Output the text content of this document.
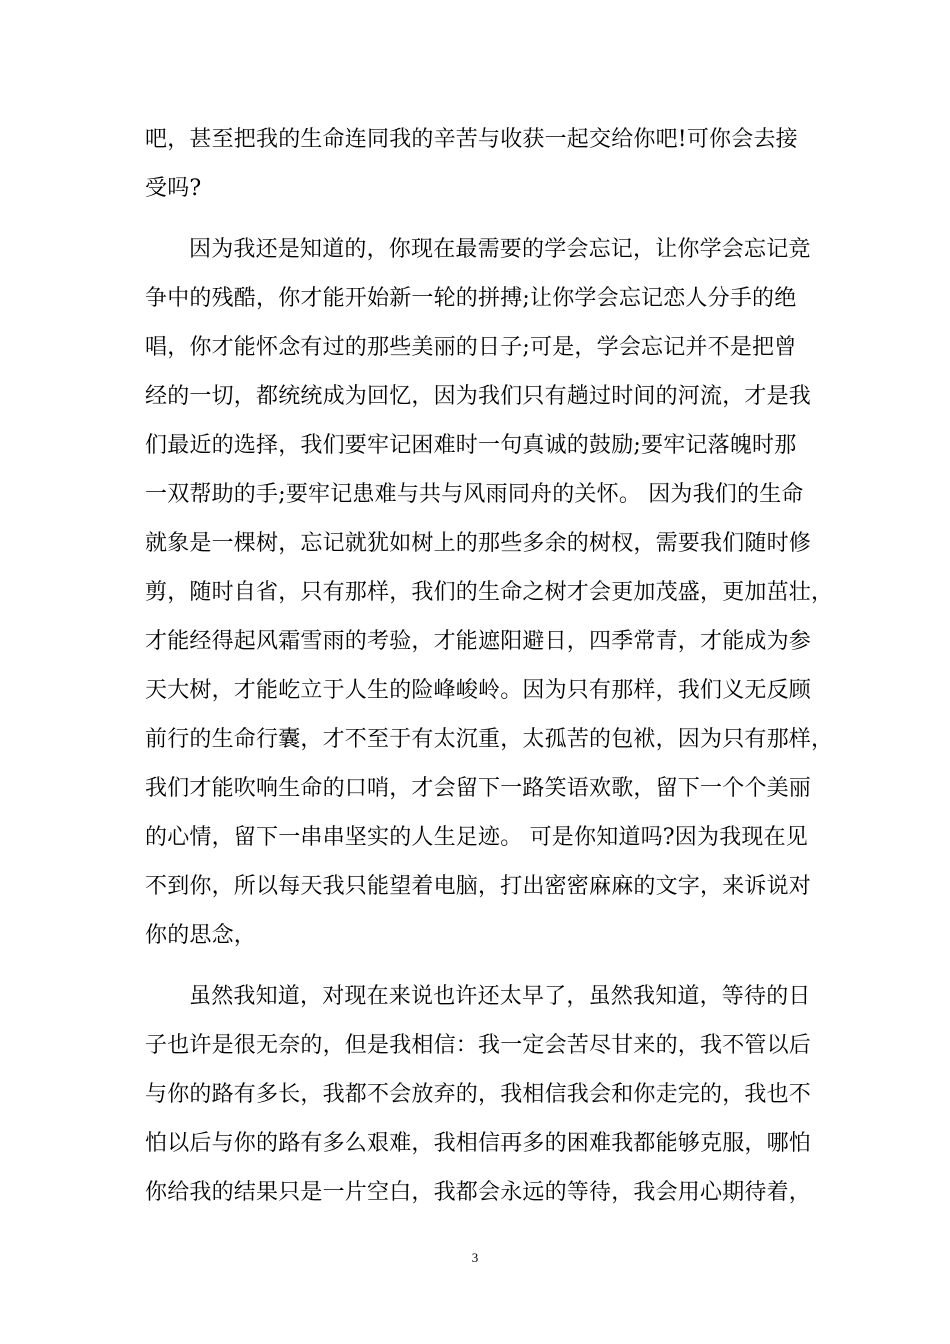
吧，甚至把我的生命连同我的辛苦与收获一起交给你吧!可你会去接
受吗?
因为我还是知道的，你现在最需要的学会忘记，让你学会忘记竞
争中的残酷，你才能开始新一轮的拼搏;让你学会忘记恋人分手的绝
唱，你才能怀念有过的那些美丽的日子;可是，学会忘记并不是把曾
经的一切，都统统成为回忆，因为我们只有趟过时间的河流，才是我
们最近的选择，我们要牢记困难时一句真诚的鼓励;要牢记落魄时那
一双帮助的手;要牢记患难与共与风雨同舟的关怀。 因为我们的生命
就象是一棵树，忘记就犹如树上的那些多余的树杈，需要我们随时修
剪，随时自省，只有那样，我们的生命之树才会更加茂盛，更加茁壮，
才能经得起风霜雪雨的考验，才能遮阳避日，四季常青，才能成为参
天大树，才能屹立于人生的险峰峻岭。因为只有那样，我们义无反顾
前行的生命行囊，才不至于有太沉重，太孤苦的包袱，因为只有那样，
我们才能吹响生命的口哨，才会留下一路笑语欢歌，留下一个个美丽
的心情，留下一串串坚实的人生足迹。 可是你知道吗?因为我现在见
不到你，所以每天我只能望着电脑，打出密密麻麻的文字，来诉说对
你的思念，
虽然我知道，对现在来说也许还太早了，虽然我知道，等待的日
子也许是很无奈的，但是我相信：我一定会苦尽甘来的，我不管以后
与你的路有多长，我都不会放弃的，我相信我会和你走完的，我也不
怕以后与你的路有多么艰难，我相信再多的困难我都能够克服，哪怕
你给我的结果只是一片空白，我都会永远的等待，我会用心期待着，
3
